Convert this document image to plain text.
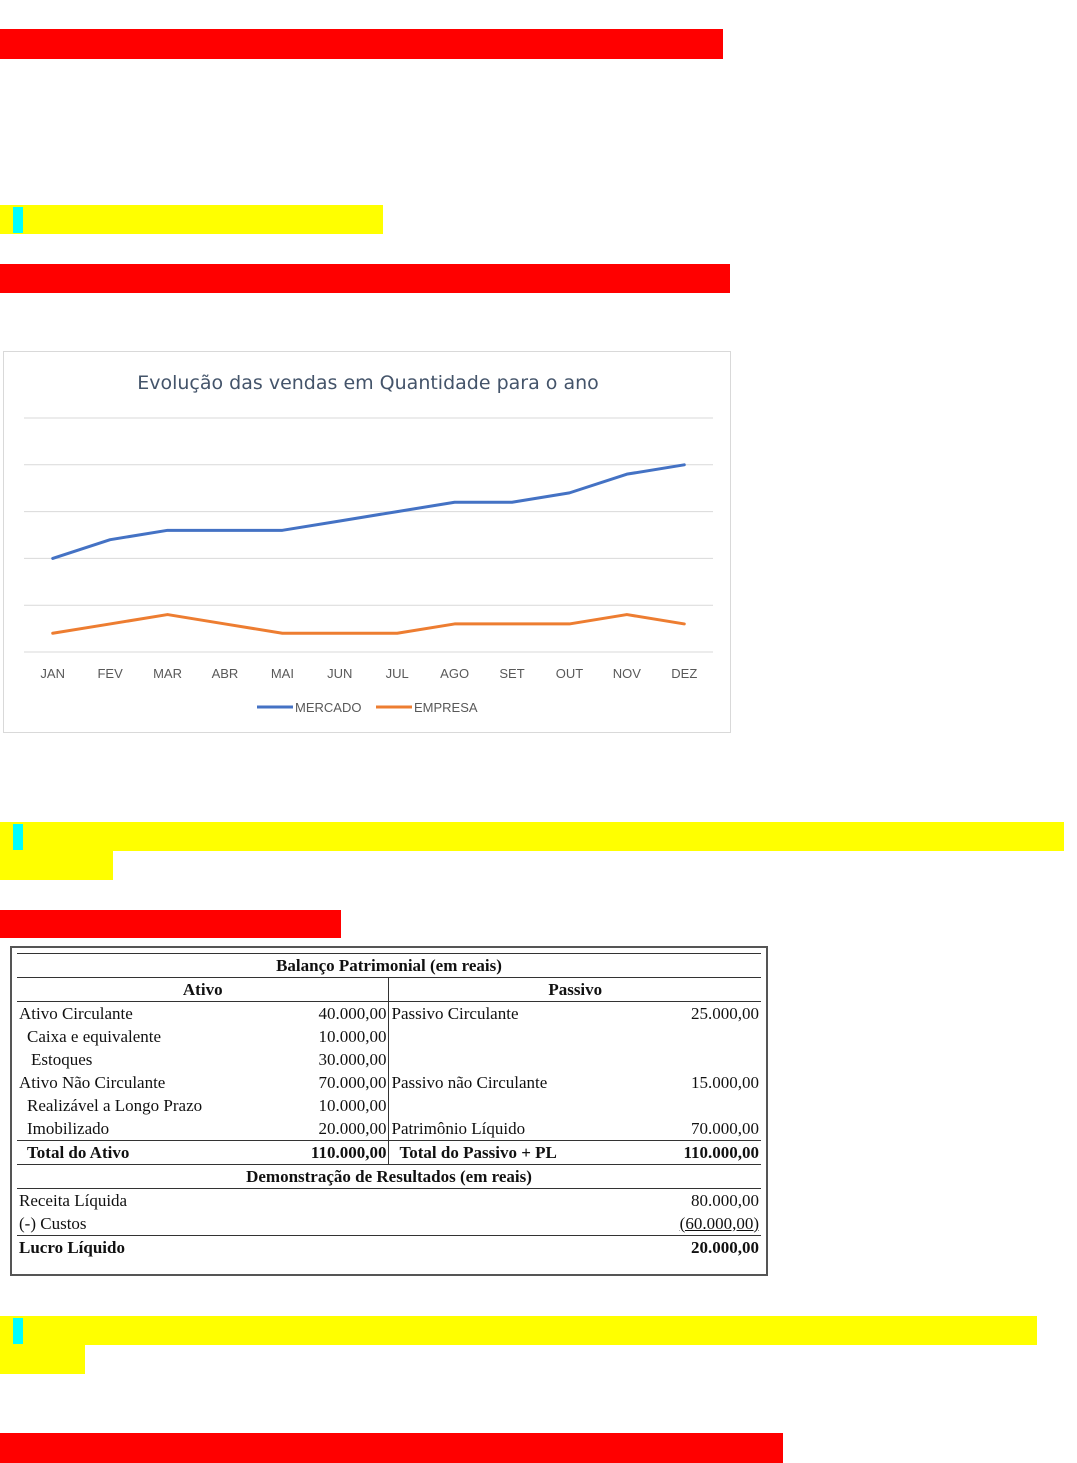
Evolução das vendas em Quantidade para o ano
JAN FEV MAR ABR MAI	JUN	JUL AGO SET OUT NOV DEZ
MERCADO	EMPRESA
Balanço Patrimonial (em reais)			
Ativo		Passivo	
Ativo Circulante	40.000,00	Passivo Circulante	25.000,00
Caixa e equivalente	10.000,00		
Estoques	30.000,00		
Ativo Não Circulante	70.000,00	Passivo não Circulante	15.000,00
Realizável a Longo Prazo	10.000,00		
Imobilizado	20.000,00	Patrimônio Líquido	70.000,00
Total do Ativo	110.000,00	Total do Passivo + PL	110.000,00
Demonstração de Resultados (em reais)			
Receita Líquida			80.000,00
(-) Custos			(60.000,00)
Lucro Líquido			20.000,00
